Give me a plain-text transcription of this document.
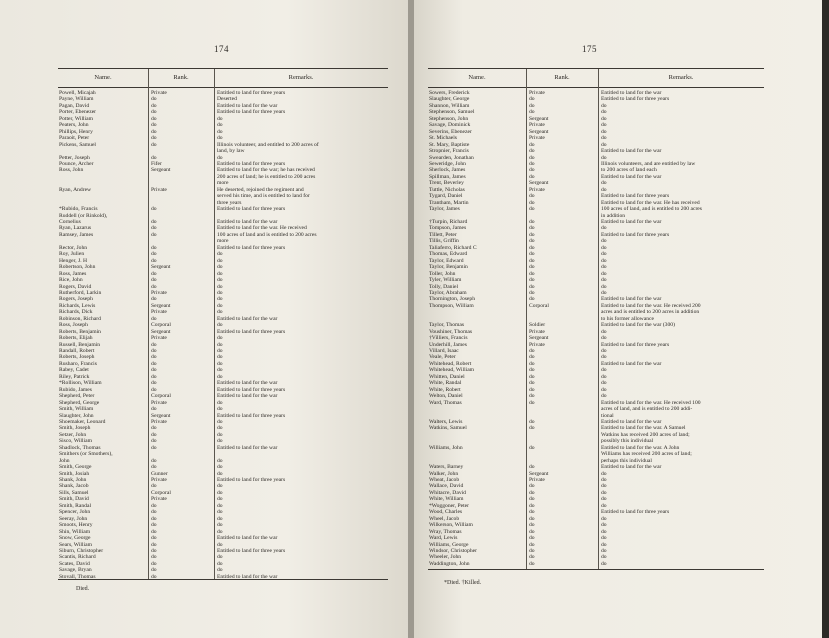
174
Name.	Rank.	Remarks.
Powell, Micajah	Private	Entitled to land for three years
Payne, William	do	Deserted
Pagan, David	do	Entitled to land for the war
Porter, Ebenezer	do	Entitled to land for three years
Potter, William	do	do
Peaters, John	do	do
Phillips, Henry	do	do
Paraoit, Peter	do	do
Pickens, Samuel	do	Illinois volunteer, and entitled to 200 acres of
land, by law
Petter, Joseph	do	do
Pounce, Archer	Fifer	Entitled to land for three years
Ross, John	Sergeant	Entitled to land for the war; he has received
200 acres of land; he is entitled to 200 acres
more
Ryan, Andrew	Private	He deserted, rejoined the regiment and
served his time, and is entitled to land for
three years
*Rubido, Francis	do	Entitled to land for three years
Ruddell (or Rinkold),
Cornelius	do	Entitled to land for the war
Ryan, Lazarus	do	Entitled to land for the war. He received
Ramsey, James	do	100 acres of land and is entitled to 200 acres
more
Rector, John	do	Entitled to land for three years
Roy, Julien	do	do
Henger, J. H	do	do
Robertson, John	Sergeant	do
Ross, James	do	do
Rice, John	do	do
Rogers, David	do	do
Rutherford, Larkin	Private	do
Rogers, Joseph	do	do
Richards, Lewis	Sergeant	do
Richards, Dick	Private	do
Robinson, Richard	do	Entitled to land for the war
Ross, Joseph	Corporal	do
Roberts, Benjamin	Sergeant	Entitled to land for three years
Roberts, Elijah	Private	do
Russell, Benjamin	do	do
Randall, Robert	do	do
Roberts, Joseph	do	do
Rusharo, Francis	do	do
Rabey, Cadet	do	do
Riley, Patrick	do	do
*Rollison, William	do	Entitled to land for the war
Rubido, James	do	Entitled to land for three years
Shepherd, Peter	Corporal	Entitled to land for the war
Shepherd, George	Private	do
Smith, William	do	do
Slaughter, John	Sergeant	Entitled to land for three years
Shoemaker, Leonard	Private	do
Smith, Joseph	do	do
Setzer, John	do	do
Sisco, William	do	do
Shadlock, Thomas	do	Entitled to land for the war
Smithers (or Smothers),
John	do	do
Smith, George	do	do
Smith, Josiah	Gunner	do
Shank, John	Private	Entitled to land for three years
Shank, Jacob	do	do
Sills, Samuel	Corporal	do
Smith, David	Private	do
Smith, Randal	do	do
Spencer, John	do	do
Seeray, John	do	do
Smoots, Henry	do	do
Shin, William	do	do
Snow, George	do	Entitled to land for the war
Sears, William	do	do
Siburn, Christopher	do	Entitled to land for three years
Scantis, Richard	do	do
Scates, David	do	do
Savage, Bryan	do	do
Stovall, Thomas	do	Entitled to land for the war
Died.
175
Name.	Rank.	Remarks.
Sowers, Frederick	Private	Entitled to land for the war
Slaughter, George	do	Entitled to land for three years
Shannon, William	do	do
Stephenson, Samuel	do	do
Stephenson, John	Sergeant	do
Savage, Dominick	Private	do
Severins, Ebenezer	Sergeant	do
St. Michaels	Private	do
St. Mary, Baptiste	do	do
Stropnier, Francis	do	Entitled to land for the war
Swearden, Jonathan	do	do
Seweridge, John	do	Illinois volunteers, and are entitled by law
Sherlock, James	do	to 200 acres of land each
Spillman, James	do	Entitled to land for the war
Trent, Beverley	Sergeant	do
Tuttle, Nicholas	Private	do
Tygard, Daniel	do	Entitled to land for three years
Trantham, Martin	do	Entitled to land for the war. He has received
Taylor, James	do	100 acres of land, and is entitled to 200 acres
in addition
†Turpin, Richard	do	Entitled to land for the war
Tompson, James	do	do
Tillett, Peter	do	Entitled to land for three years
Tillis, Griffin	do	do
Taliaferro, Richard C	do	do
Thomas, Edward	do	do
Taylor, Edward	do	do
Taylor, Benjamin	do	do
Toller, John	do	do
Tyler, William	do	do
Tolly, Daniel	do	do
Taylor, Abraham	do	do
Thornington, Joseph	do	Entitled to land for the war
Thompson, William	Corporal	Entitled to land for the war. He received 200
acres and is entitled to 200 acres in addition
to his former allowance
Taylor, Thomas	Soldier	Entitled to land for the war (300)
Voushiner, Thomas	Private	do
†Villiers, Francis	Sergeant	do
Underhill, James	Private	Entitled to land for three years
Villard, Isaac	do	do
Veale, Peter	do	do
Whitehead, Robert	do	Entitled to land for the war
Whitehead, William	do	do
Whitten, Daniel	do	do
White, Randal	do	do
White, Robert	do	do
Welton, Daniel	do	do
Ward, Thomas	do	Entitled to land for the war. He received 100
acres of land, and is entitled to 200 addi-
tional
Walters, Lewis	do	Entitled to land for the war
Watkins, Samuel	do	Entitled to land for the war. A Samuel
Watkins has received 200 acres of land;
possibly this individual
Williams, John	do	Entitled to land for the war. A John
Williams has received 200 acres of land;
perhaps this individual
Waters, Barney	do	Entitled to land for the war
Walker, John	Sergeant	do
Wheat, Jacob	Private	do
Wallace, David	do	do
Whitacre, David	do	do
White, William	do	do
*Woggoner, Peter	do	do
Wood, Charles	do	Entitled to land for three years
Wheel, Jacob	do	do
Wilkerson, William	do	do
Wray, Thomas	do	do
Ward, Lewis	do	do
Williams, George	do	do
Windsor, Christopher	do	do
Wheeler, John	do	do
Waddington, John	do	do
*Died. †Killed.
